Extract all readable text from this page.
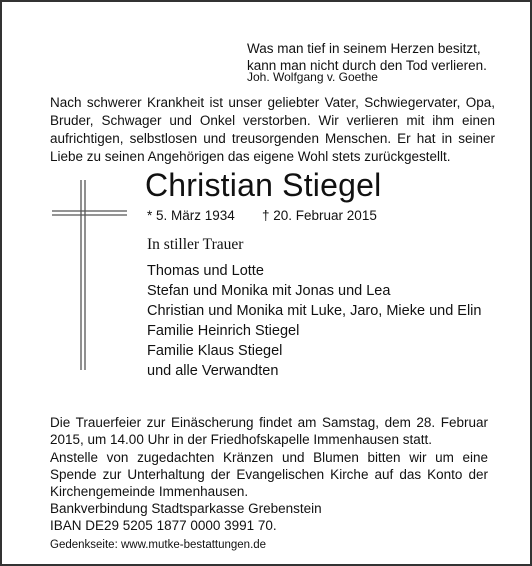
Was man tief in seinem Herzen besitzt,
kann man nicht durch den Tod verlieren.
Joh. Wolfgang v. Goethe
Nach schwerer Krankheit ist unser geliebter Vater, Schwiegervater, Opa,
Bruder, Schwager und Onkel verstorben. Wir verlieren mit ihm einen
aufrichtigen, selbstlosen und treusorgenden Menschen. Er hat in seiner
Liebe zu seinen Angehörigen das eigene Wohl stets zurückgestellt.
Christian Stiegel
* 5. März 1934 † 20. Februar 2015
In stiller Trauer
Thomas und Lotte
Stefan und Monika mit Jonas und Lea
Christian und Monika mit Luke, Jaro, Mieke und Elin
Familie Heinrich Stiegel
Familie Klaus Stiegel
und alle Verwandten
Die Trauerfeier zur Einäscherung findet am Samstag, dem 28. Februar
2015, um 14.00 Uhr in der Friedhofskapelle Immenhausen statt.
Anstelle von zugedachten Kränzen und Blumen bitten wir um eine
Spende zur Unterhaltung der Evangelischen Kirche auf das Konto der
Kirchengemeinde Immenhausen.
Bankverbindung Stadtsparkasse Grebenstein
IBAN DE29 5205 1877 0000 3991 70.
Gedenkseite: www.mutke-bestattungen.de
